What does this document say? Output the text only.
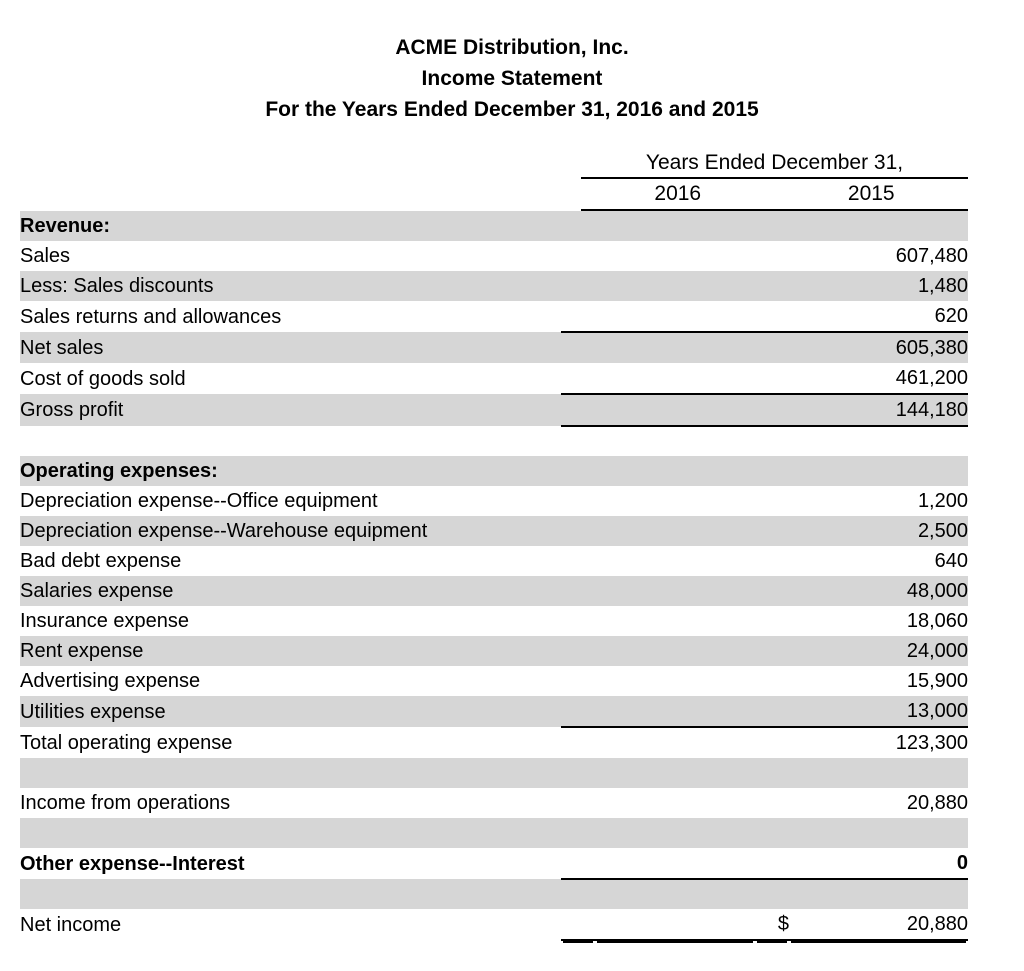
ACME Distribution, Inc.
Income Statement
For the Years Ended December 31, 2016 and 2015
Years Ended December 31,
2016	2015
Revenue:				
Sales				607,480
Less: Sales discounts				1,480
Sales returns and allowances				620
Net sales				605,380
Cost of goods sold				461,200
Gross profit				144,180

Operating expenses:				
Depreciation expense--Office equipment				1,200
Depreciation expense--Warehouse equipment				2,500
Bad debt expense				640
Salaries expense				48,000
Insurance expense				18,060
Rent expense				24,000
Advertising expense				15,900
Utilities expense				13,000
Total operating expense				123,300

Income from operations				20,880

Other expense--Interest				0

Net income			$	20,880
